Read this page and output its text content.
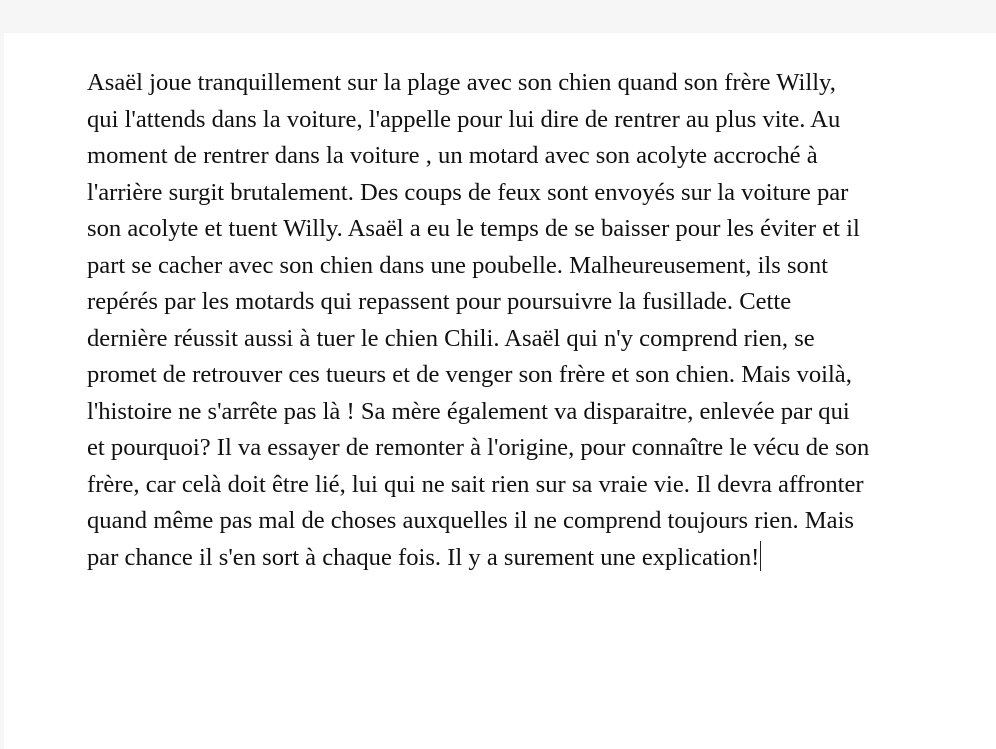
Asaël joue tranquillement sur la plage avec son chien quand son frère Willy,
qui l'attends dans la voiture, l'appelle pour lui dire de rentrer au plus vite. Au
moment de rentrer dans la voiture , un motard avec son acolyte accroché à
l'arrière surgit brutalement. Des coups de feux sont envoyés sur la voiture par
son acolyte et tuent Willy. Asaël a eu le temps de se baisser pour les éviter et il
part se cacher avec son chien dans une poubelle. Malheureusement, ils sont
repérés par les motards qui repassent pour poursuivre la fusillade. Cette
dernière réussit aussi à tuer le chien Chili. Asaël qui n'y comprend rien, se
promet de retrouver ces tueurs et de venger son frère et son chien. Mais voilà,
l'histoire ne s'arrête pas là ! Sa mère également va disparaitre, enlevée par qui
et pourquoi? Il va essayer de remonter à l'origine, pour connaître le vécu de son
frère, car celà doit être lié, lui qui ne sait rien sur sa vraie vie. Il devra affronter
quand même pas mal de choses auxquelles il ne comprend toujours rien. Mais
par chance il s'en sort à chaque fois. Il y a surement une explication!
